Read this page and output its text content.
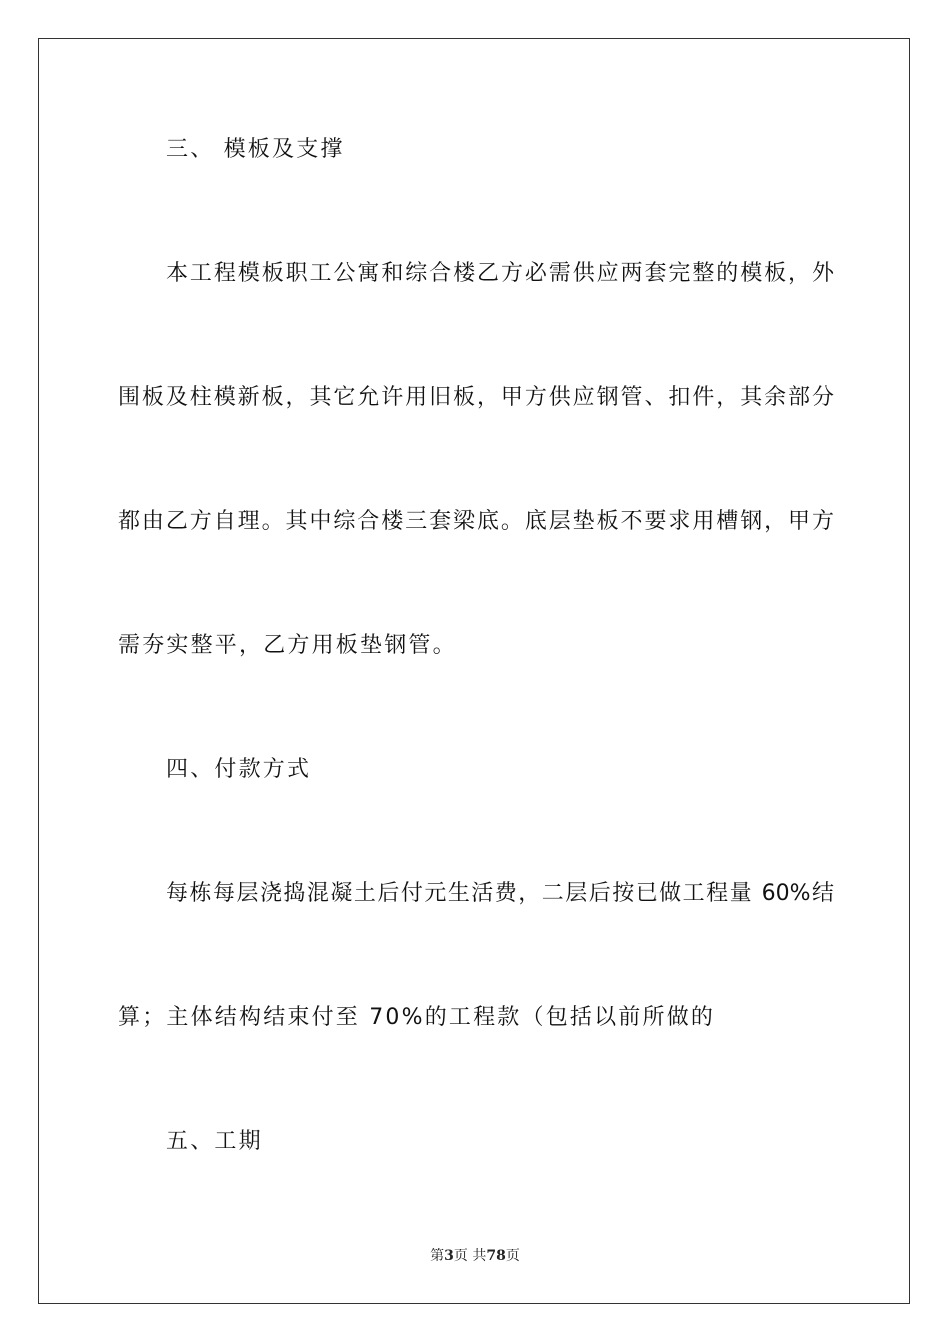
三、 模板及支撑
本工程模板职工公寓和综合楼乙方必需供应两套完整的模板，外
围板及柱模新板，其它允许用旧板，甲方供应钢管、扣件，其余部分
都由乙方自理。其中综合楼三套梁底。底层垫板不要求用槽钢，甲方
需夯实整平，乙方用板垫钢管。
四、付款方式
每栋每层浇捣混凝土后付元生活费，二层后按已做工程量 60%结
算；主体结构结束付至 70%的工程款（包括以前所做的
五、工期
第3页 共78页
